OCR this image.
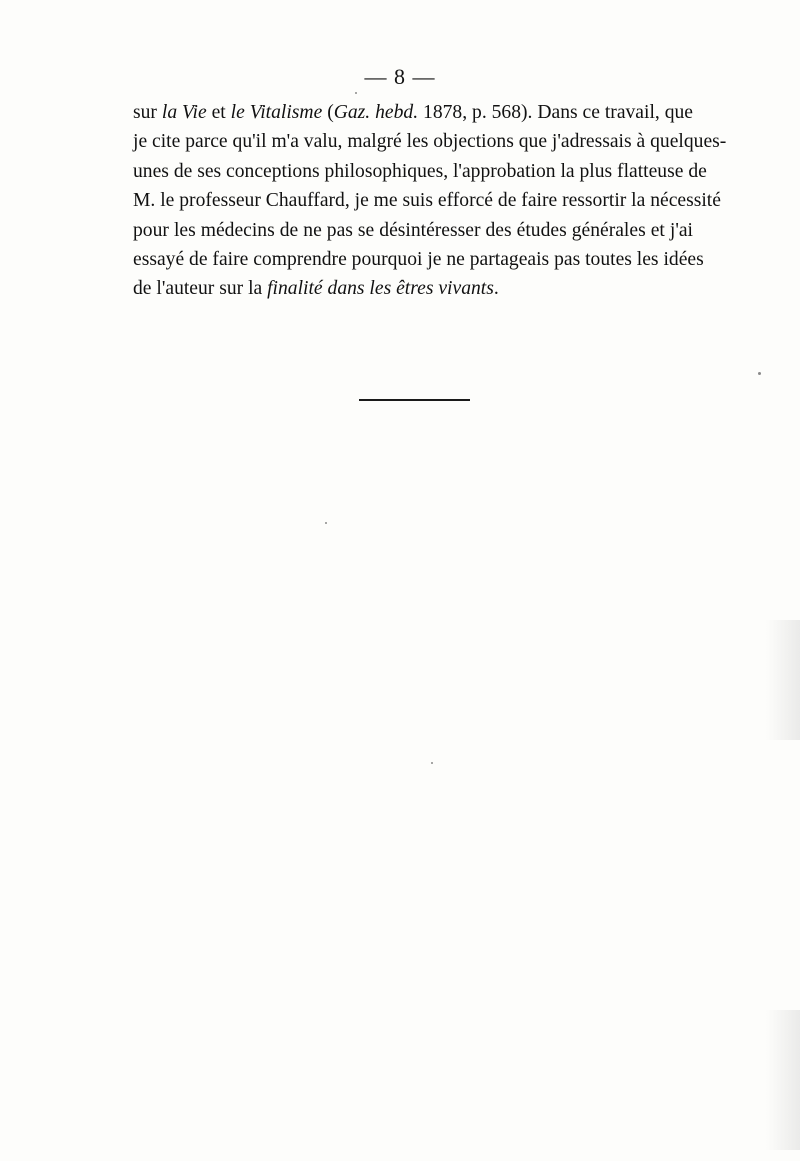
— 8 —
sur la Vie et le Vitalisme (Gaz. hebd. 1878, p. 568). Dans ce travail, que
je cite parce qu'il m'a valu, malgré les objections que j'adressais à quelques-
unes de ses conceptions philosophiques, l'approbation la plus flatteuse de
M. le professeur Chauffard, je me suis efforcé de faire ressortir la nécessité
pour les médecins de ne pas se désintéresser des études générales et j'ai
essayé de faire comprendre pourquoi je ne partageais pas toutes les idées
de l'auteur sur la finalité dans les êtres vivants.
